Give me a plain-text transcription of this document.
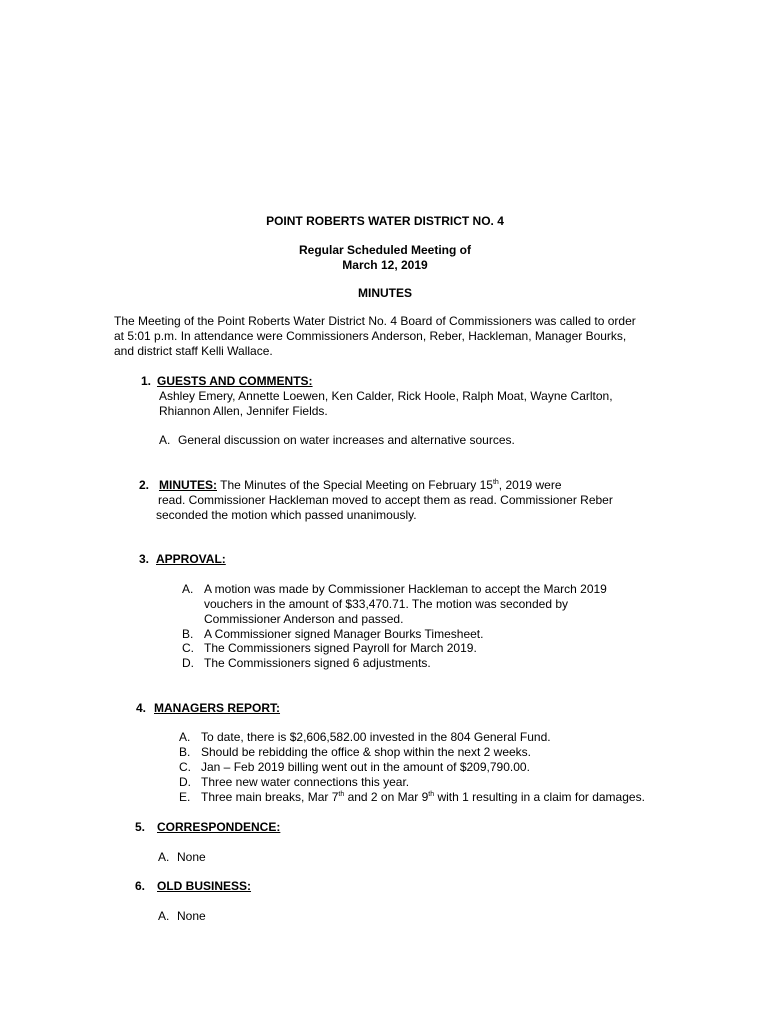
POINT ROBERTS WATER DISTRICT NO. 4
Regular Scheduled Meeting of
March 12, 2019
MINUTES
The Meeting of the Point Roberts Water District No. 4 Board of Commissioners was called to order
at 5:01 p.m. In attendance were Commissioners Anderson, Reber, Hackleman, Manager Bourks,
and district staff Kelli Wallace.
1. GUESTS AND COMMENTS:
Ashley Emery, Annette Loewen, Ken Calder, Rick Hoole, Ralph Moat, Wayne Carlton,
Rhiannon Allen, Jennifer Fields.
A. General discussion on water increases and alternative sources.
2. MINUTES: The Minutes of the Special Meeting on February 15th, 2019 were
read. Commissioner Hackleman moved to accept them as read. Commissioner Reber
seconded the motion which passed unanimously.
3. APPROVAL:
A. A motion was made by Commissioner Hackleman to accept the March 2019
vouchers in the amount of $33,470.71. The motion was seconded by
Commissioner Anderson and passed.
B. A Commissioner signed Manager Bourks Timesheet.
C. The Commissioners signed Payroll for March 2019.
D. The Commissioners signed 6 adjustments.
4. MANAGERS REPORT:
A. To date, there is $2,606,582.00 invested in the 804 General Fund.
B. Should be rebidding the office & shop within the next 2 weeks.
C. Jan – Feb 2019 billing went out in the amount of $209,790.00.
D. Three new water connections this year.
E. Three main breaks, Mar 7th and 2 on Mar 9th with 1 resulting in a claim for damages.
5. CORRESPONDENCE:
A. None
6. OLD BUSINESS:
A. None
